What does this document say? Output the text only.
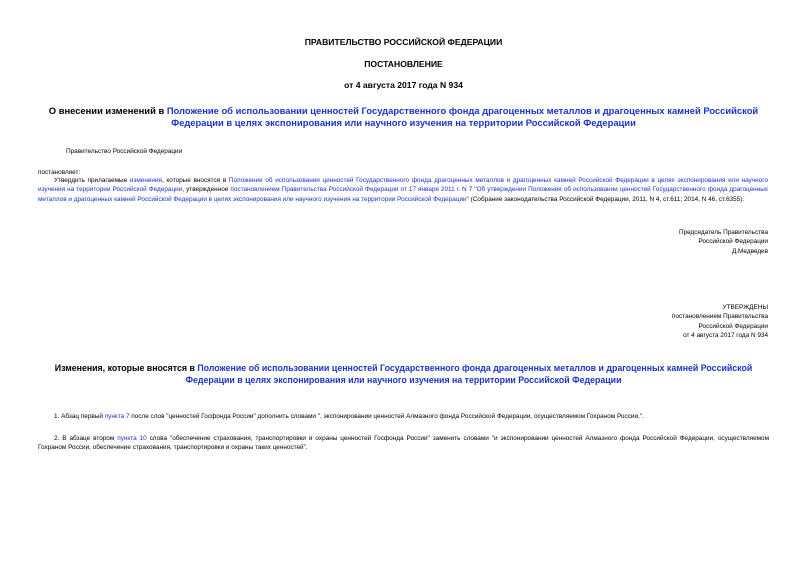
ПРАВИТЕЛЬСТВО РОССИЙСКОЙ ФЕДЕРАЦИИ
ПОСТАНОВЛЕНИЕ
от 4 августа 2017 года N 934
О внесении изменений в Положение об использовании ценностей Государственного фонда драгоценных металлов и драгоценных камней Российской Федерации в целях экспонирования или научного изучения на территории Российской Федерации
Правительство Российской Федерации
постановляет:
Утвердить прилагаемые изменения, которые вносятся в Положение об использовании ценностей Государственного фонда драгоценных металлов и драгоценных камней Российской Федерации в целях экспонирования или научного изучения на территории Российской Федерации, утвержденное постановлением Правительства Российской Федерации от 17 января 2011 г. N 7 "Об утверждении Положения об использовании ценностей Государственного фонда драгоценных металлов и драгоценных камней Российской Федерации в целях экспонирования или научного изучения на территории Российской Федерации" (Собрание законодательства Российской Федерации, 2011, N 4, ст.611; 2014, N 46, ст.6355).
Председатель Правительства
Российской Федерации
Д.Медведев
УТВЕРЖДЕНЫ
постановлением Правительства
Российской Федерации
от 4 августа 2017 года N 934
Изменения, которые вносятся в Положение об использовании ценностей Государственного фонда драгоценных металлов и драгоценных камней Российской Федерации в целях экспонирования или научного изучения на территории Российской Федерации
1. Абзац первый пункта 7 после слов "ценностей Госфонда России" дополнить словами ", экспонировании ценностей Алмазного фонда Российской Федерации, осуществляемом Гохраном России,".
2. В абзаце втором пункта 10 слова "обеспечение страхования, транспортировки и охраны ценностей Госфонда России" заменить словами "и экспонировании ценностей Алмазного фонда Российской Федерации, осуществляемом Гохраном России, обеспечение страхования, транспортировки и охраны таких ценностей".
